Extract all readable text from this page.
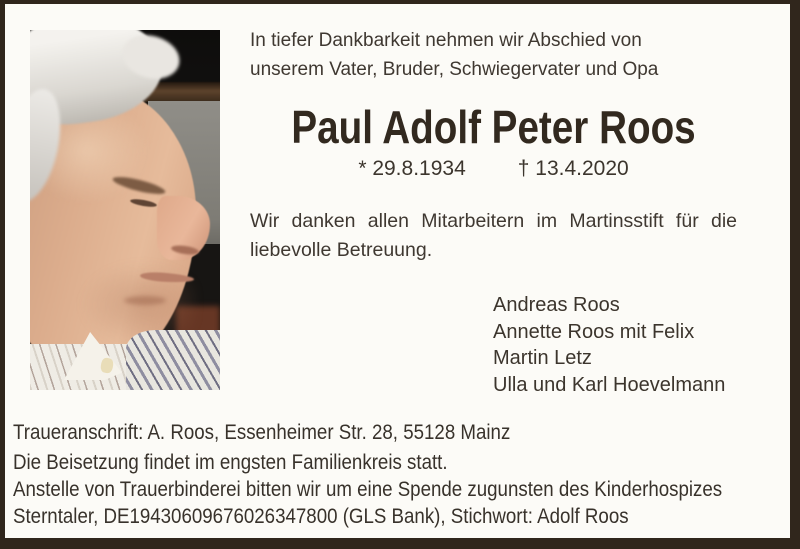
In tiefer Dankbarkeit nehmen wir Abschied von
unserem Vater, Bruder, Schwiegervater und Opa
Paul Adolf Peter Roos
* 29.8.1934 † 13.4.2020
Wir danken allen Mitarbeitern im Martinsstift für die
liebevolle Betreuung.
Andreas Roos
Annette Roos mit Felix
Martin Letz
Ulla und Karl Hoevelmann
Traueranschrift: A. Roos, Essenheimer Str. 28, 55128 Mainz
Die Beisetzung findet im engsten Familienkreis statt.
Anstelle von Trauerbinderei bitten wir um eine Spende zugunsten des Kinderhospizes
Sterntaler, DE19430609676026347800 (GLS Bank), Stichwort: Adolf Roos
